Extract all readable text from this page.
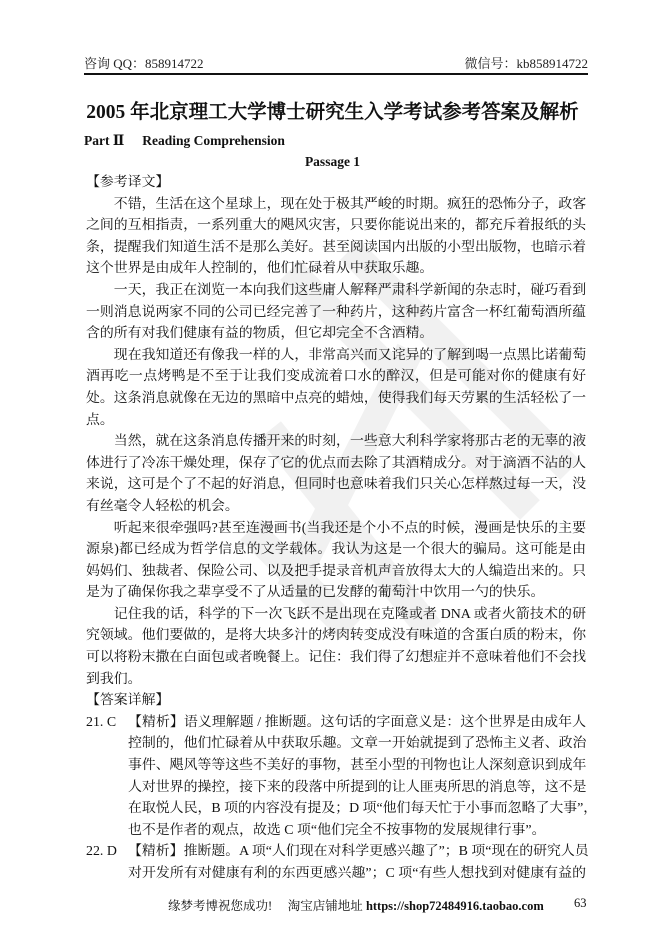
咨询 QQ：858914722	微信号：kb858914722
2005 年北京理工大学博士研究生入学考试参考答案及解析
Part Ⅱ Reading Comprehension
Passage 1
【参考译文】
不错，生活在这个星球上，现在处于极其严峻的时期。疯狂的恐怖分子，政客
之间的互相指责，一系列重大的飓风灾害，只要你能说出来的，都充斥着报纸的头
条，提醒我们知道生活不是那么美好。甚至阅读国内出版的小型出版物，也暗示着
这个世界是由成年人控制的，他们忙碌着从中获取乐趣。
一天，我正在浏览一本向我们这些庸人解释严肃科学新闻的杂志时，碰巧看到
一则消息说两家不同的公司已经完善了一种药片，这种药片富含一杯红葡萄酒所蕴
含的所有对我们健康有益的物质，但它却完全不含酒精。
现在我知道还有像我一样的人，非常高兴而又诧异的了解到喝一点黑比诺葡萄
酒再吃一点烤鸭是不至于让我们变成流着口水的醉汉，但是可能对你的健康有好
处。这条消息就像在无边的黑暗中点亮的蜡烛，使得我们每天劳累的生活轻松了一
点。
当然，就在这条消息传播开来的时刻，一些意大利科学家将那古老的无辜的液
体进行了冷冻干燥处理，保存了它的优点而去除了其酒精成分。对于滴酒不沾的人
来说，这可是个了不起的好消息，但同时也意味着我们只关心怎样熬过每一天，没
有丝毫令人轻松的机会。
听起来很牵强吗?甚至连漫画书(当我还是个小不点的时候，漫画是快乐的主要
源泉)都已经成为哲学信息的文学载体。我认为这是一个很大的骗局。这可能是由
妈妈们、独裁者、保险公司、以及把手提录音机声音放得太大的人编造出来的。只
是为了确保你我之辈享受不了从适量的已发酵的葡萄汁中饮用一勺的快乐。
记住我的话，科学的下一次飞跃不是出现在克隆或者 DNA 或者火箭技术的研
究领域。他们要做的，是将大块多汁的烤肉转变成没有味道的含蛋白质的粉末，你
可以将粉末撒在白面包或者晚餐上。记住：我们得了幻想症并不意味着他们不会找
到我们。
【答案详解】
21. C 【精析】语义理解题 / 推断题。这句话的字面意义是：这个世界是由成年人
控制的，他们忙碌着从中获取乐趣。文章一开始就提到了恐怖主义者、政治
事件、飓风等等这些不美好的事物，甚至小型的刊物也让人深刻意识到成年
人对世界的操控，接下来的段落中所提到的让人匪夷所思的消息等，这不是
在取悦人民，B 项的内容没有提及；D 项“他们每天忙于小事而忽略了大事”，
也不是作者的观点，故选 C 项“他们完全不按事物的发展规律行事”。
22. D 【精析】推断题。A 项“人们现在对科学更感兴趣了”；B 项“现在的研究人员
对开发所有对健康有利的东西更感兴趣”；C 项“有些人想找到对健康有益的
缘梦考博祝您成功! 淘宝店铺地址 https://shop72484916.taobao.com 63
